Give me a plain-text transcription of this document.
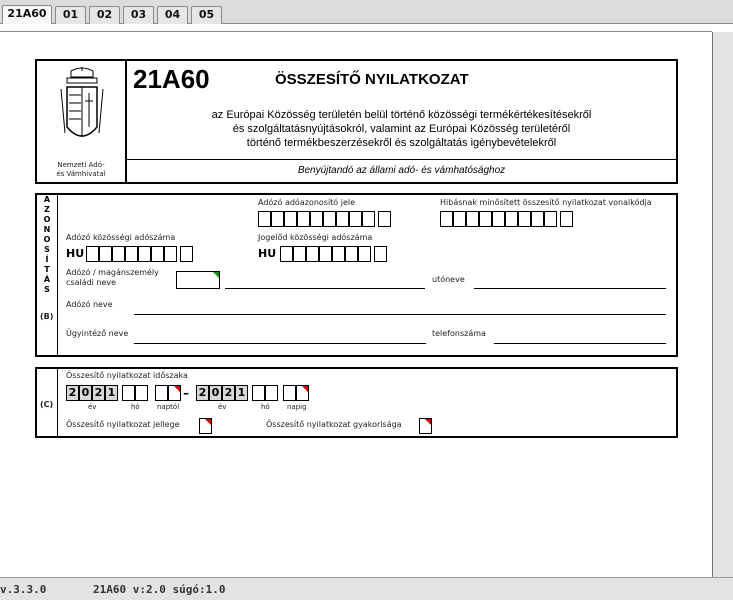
21A60	01	02	03	04	05
Nemzeti Adó-
és Vámhivatal
21A60	ÖSSZESÍTŐ NYILATKOZAT
az Európai Közösség területén belül történő közösségi termékértékesítésekről
és szolgáltatásnyújtásokról, valamint az Európai Közösség területéről
történő termékbeszerzésekről és szolgáltatás igénybevételekről
Benyújtandó az állami adó- és vámhatósághoz
A
Z
O
N
O
S
Í
T
Á
S
(B)
Adózó adóazonosító jele	Hibásnak minősített összesítő nyilatkozat vonalkódja
Adózó közösségi adószáma
HU
Jogelőd közösségi adószáma
HU
Adózó / magánszemély
családi neve	utóneve
Adózó neve
Ügyintéző neve	telefonszáma
(C)
Összesítő nyilatkozat időszaka
2 0 2 1
év	hó naptól
– 2 0 2 1
év	hó napig
Összesítő nyilatkozat jellege	Összesítő nyilatkozat gyakorisága
v.3.3.0	21A60 v:2.0 súgó:1.0
